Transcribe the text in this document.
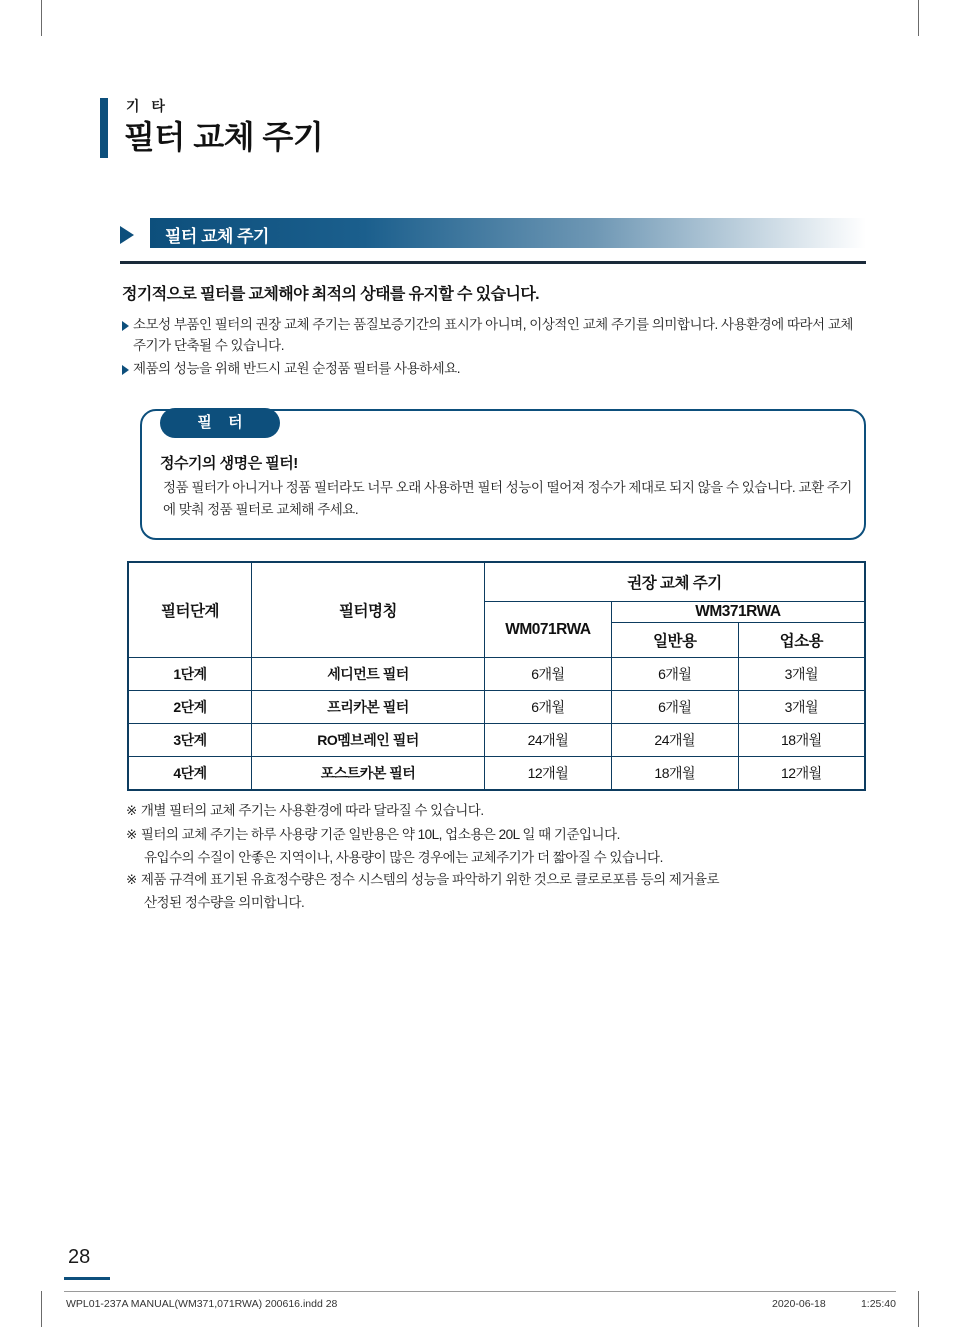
기 타
필터 교체 주기
필터 교체 주기
정기적으로 필터를 교체해야 최적의 상태를 유지할 수 있습니다.
소모성 부품인 필터의 권장 교체 주기는 품질보증기간의 표시가 아니며, 이상적인 교체 주기를 의미합니다. 사용환경에 따라서 교체 주기가 단축될 수 있습니다.
제품의 성능을 위해 반드시 교원 순정품 필터를 사용하세요.
필 터
정수기의 생명은 필터!
정품 필터가 아니거나 정품 필터라도 너무 오래 사용하면 필터 성능이 떨어져 정수가 제대로 되지 않을 수 있습니다. 교환 주기에 맞춰 정품 필터로 교체해 주세요.
필터단계	필터명칭	권장 교체 주기		
		WM071RWA	WM371RWA	
			일반용	업소용
1단계	세디먼트 필터	6개월	6개월	3개월
2단계	프리카본 필터	6개월	6개월	3개월
3단계	RO멤브레인 필터	24개월	24개월	18개월
4단계	포스트카본 필터	12개월	18개월	12개월
※ 개별 필터의 교체 주기는 사용환경에 따라 달라질 수 있습니다.
※ 필터의 교체 주기는 하루 사용량 기준 일반용은 약 10L, 업소용은 20L 일 때 기준입니다.
유입수의 수질이 안좋은 지역이나, 사용량이 많은 경우에는 교체주기가 더 짧아질 수 있습니다.
※ 제품 규격에 표기된 유효정수량은 정수 시스템의 성능을 파악하기 위한 것으로 클로로포름 등의 제거율로
산정된 정수량을 의미합니다.
28
WPL01-237A MANUAL(WM371,071RWA) 200616.indd 28	2020-06-18	1:25:40
